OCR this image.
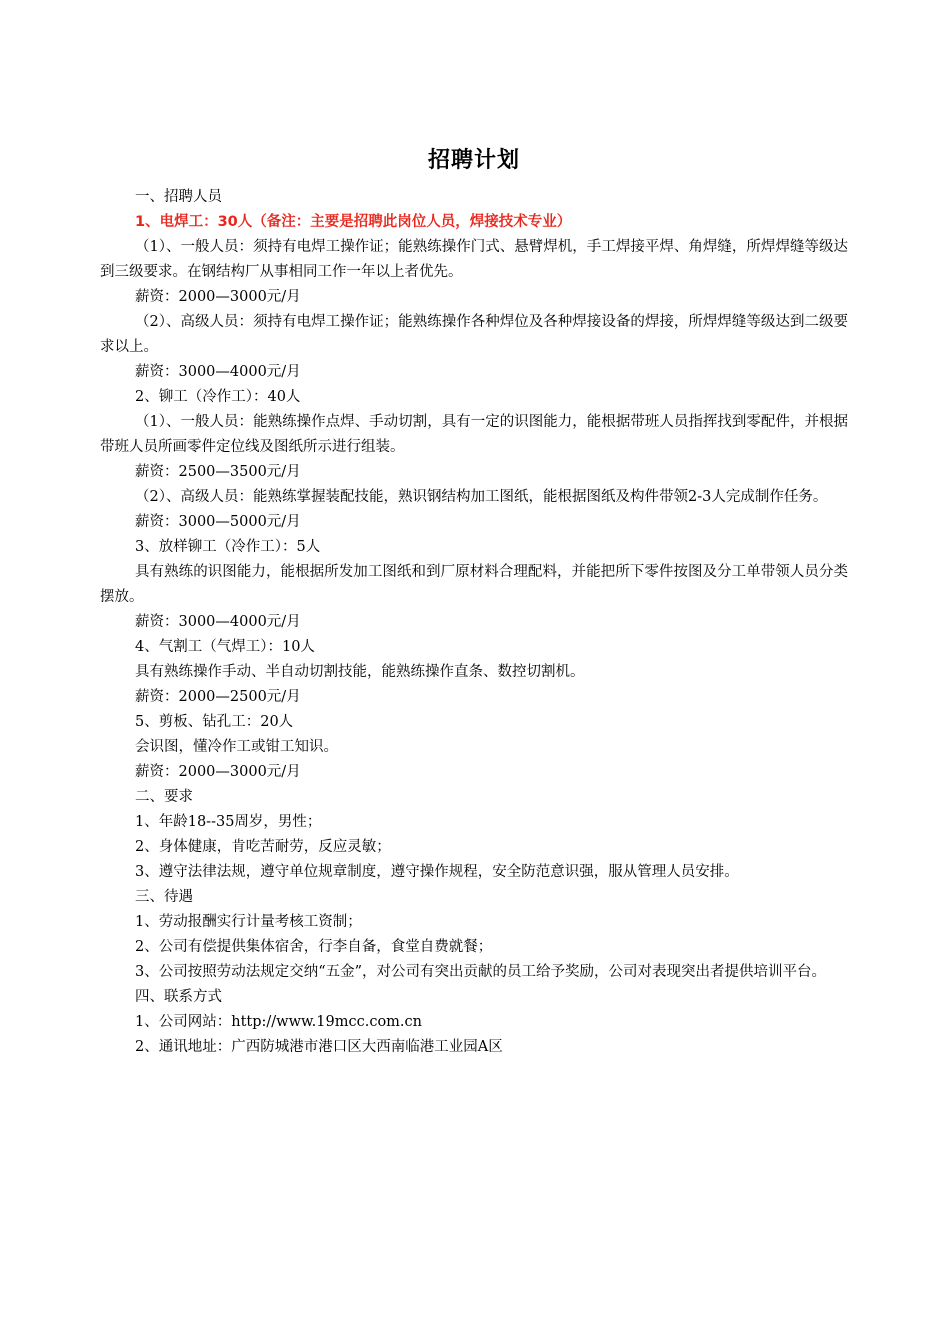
招聘计划
一、招聘人员
1、电焊工：30人（备注：主要是招聘此岗位人员，焊接技术专业）
（1）、一般人员：须持有电焊工操作证；能熟练操作门式、悬臂焊机，手工焊接平焊、角焊缝，所焊焊缝等级达到三级要求。在钢结构厂从事相同工作一年以上者优先。
薪资：2000—3000元/月
（2）、高级人员：须持有电焊工操作证；能熟练操作各种焊位及各种焊接设备的焊接，所焊焊缝等级达到二级要求以上。
薪资：3000—4000元/月
2、铆工（冷作工）：40人
（1）、一般人员：能熟练操作点焊、手动切割，具有一定的识图能力，能根据带班人员指挥找到零配件，并根据带班人员所画零件定位线及图纸所示进行组装。
薪资：2500—3500元/月
（2）、高级人员：能熟练掌握装配技能，熟识钢结构加工图纸，能根据图纸及构件带领2-3人完成制作任务。
薪资：3000—5000元/月
3、放样铆工（冷作工）：5人
具有熟练的识图能力，能根据所发加工图纸和到厂原材料合理配料，并能把所下零件按图及分工单带领人员分类摆放。
薪资：3000—4000元/月
4、气割工（气焊工）：10人
具有熟练操作手动、半自动切割技能，能熟练操作直条、数控切割机。
薪资：2000—2500元/月
5、剪板、钻孔工：20人
会识图，懂冷作工或钳工知识。
薪资：2000—3000元/月
二、要求
1、年龄18--35周岁，男性；
2、身体健康，肯吃苦耐劳，反应灵敏；
3、遵守法律法规，遵守单位规章制度，遵守操作规程，安全防范意识强，服从管理人员安排。
三、待遇
1、劳动报酬实行计量考核工资制；
2、公司有偿提供集体宿舍，行李自备，食堂自费就餐；
3、公司按照劳动法规定交纳“五金”，对公司有突出贡献的员工给予奖励，公司对表现突出者提供培训平台。
四、联系方式
1、公司网站：http://www.19mcc.com.cn
2、通讯地址：广西防城港市港口区大西南临港工业园A区
